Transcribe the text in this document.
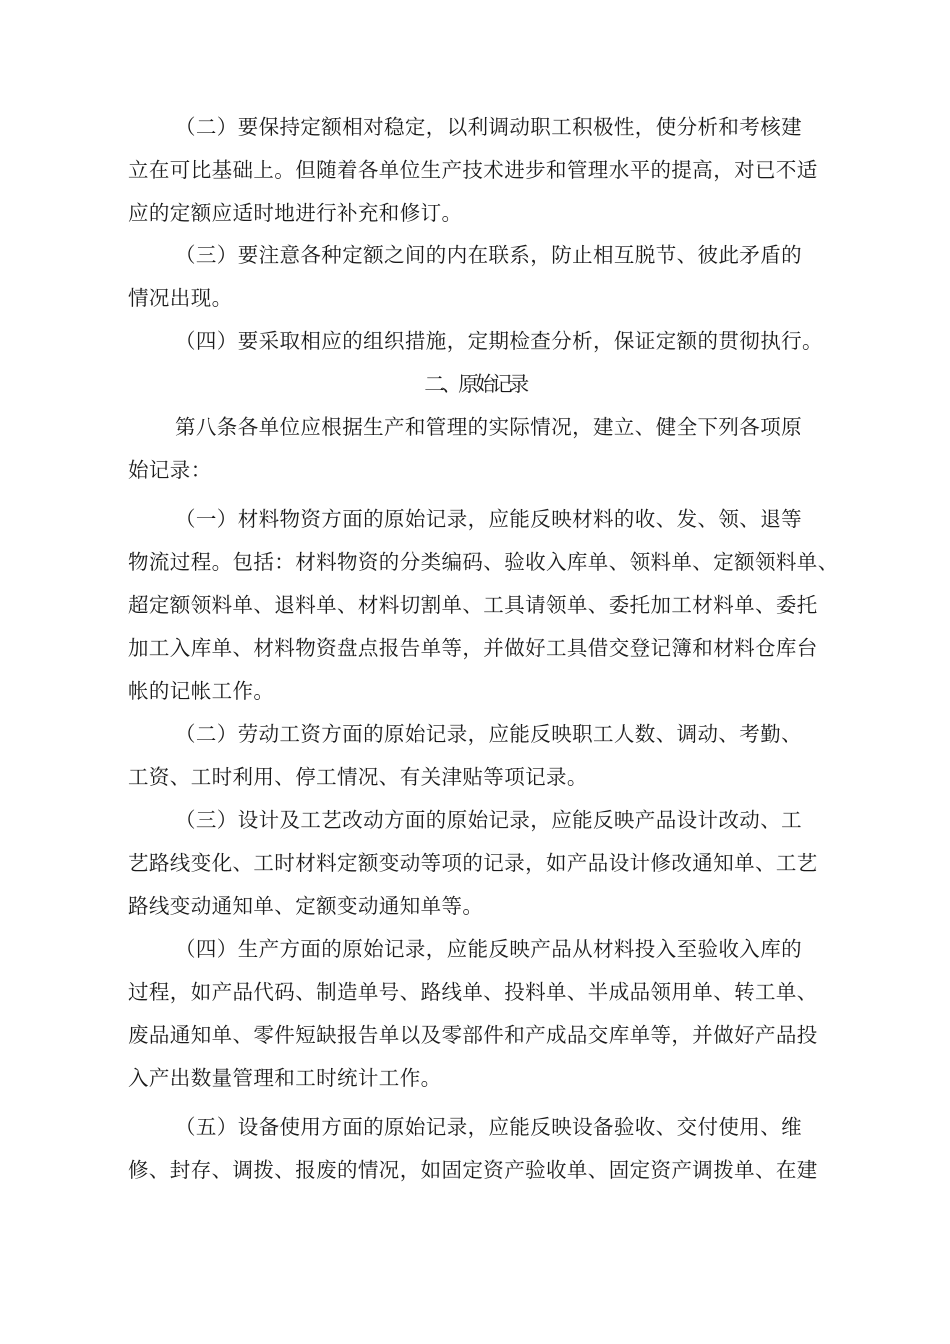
（二）要保持定额相对稳定，以利调动职工积极性，使分析和考核建

立在可比基础上。但随着各单位生产技术进步和管理水平的提高，对已不适

应的定额应适时地进行补充和修订。

（三）要注意各种定额之间的内在联系，防止相互脱节、彼此矛盾的

情况出现。

（四）要采取相应的组织措施，定期检查分析，保证定额的贯彻执行。

二、原始记录

第八条各单位应根据生产和管理的实际情况，建立、健全下列各项原

始记录：

（一）材料物资方面的原始记录，应能反映材料的收、发、领、退等

物流过程。包括：材料物资的分类编码、验收入库单、领料单、定额领料单、

超定额领料单、退料单、材料切割单、工具请领单、委托加工材料单、委托

加工入库单、材料物资盘点报告单等，并做好工具借交登记簿和材料仓库台

帐的记帐工作。

（二）劳动工资方面的原始记录，应能反映职工人数、调动、考勤、

工资、工时利用、停工情况、有关津贴等项记录。

（三）设计及工艺改动方面的原始记录，应能反映产品设计改动、工

艺路线变化、工时材料定额变动等项的记录，如产品设计修改通知单、工艺

路线变动通知单、定额变动通知单等。

（四）生产方面的原始记录，应能反映产品从材料投入至验收入库的

过程，如产品代码、制造单号、路线单、投料单、半成品领用单、转工单、

废品通知单、零件短缺报告单以及零部件和产成品交库单等，并做好产品投

入产出数量管理和工时统计工作。

（五）设备使用方面的原始记录，应能反映设备验收、交付使用、维

修、封存、调拨、报废的情况，如固定资产验收单、固定资产调拨单、在建
